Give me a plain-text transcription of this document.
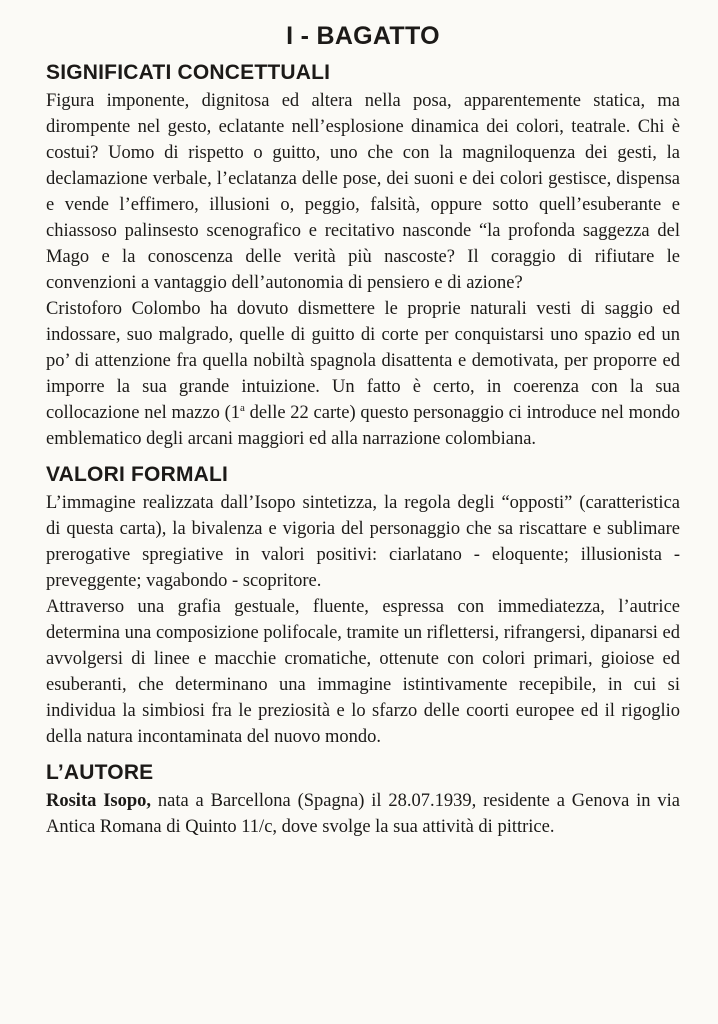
I - BAGATTO
SIGNIFICATI CONCETTUALI

Figura imponente, dignitosa ed altera nella posa, apparentemente statica, ma dirompente nel gesto, eclatante nell’esplosione dinamica dei colori, teatrale. Chi è costui? Uomo di rispetto o guitto, uno che con la magniloquenza dei gesti, la declamazione verbale, l’eclatanza delle pose, dei suoni e dei colori gestisce, dispensa e vende l’effimero, illusioni o, peggio, falsità, oppure sotto quell’esuberante e chiassoso palinsesto scenografico e recitativo nasconde “la profonda saggezza del Mago e la conoscenza delle verità più nascoste? Il coraggio di rifiutare le convenzioni a vantaggio dell’autonomia di pensiero e di azione?

Cristoforo Colombo ha dovuto dismettere le proprie naturali vesti di saggio ed indossare, suo malgrado, quelle di guitto di corte per conquistarsi uno spazio ed un po’ di attenzione fra quella nobiltà spagnola disattenta e demotivata, per proporre ed imporre la sua grande intuizione. Un fatto è certo, in coerenza con la sua collocazione nel mazzo (1$^a$ delle 22 carte) questo personaggio ci introduce nel mondo emblematico degli arcani maggiori ed alla narrazione colombiana.

VALORI FORMALI

L’immagine realizzata dall’Isopo sintetizza, la regola degli “opposti” (caratteristica di questa carta), la bivalenza e vigoria del personaggio che sa riscattare e sublimare prerogative spregiative in valori positivi: ciarlatano - eloquente; illusionista - preveggente; vagabondo - scopritore.

Attraverso una grafia gestuale, fluente, espressa con immediatezza, l’autrice determina una composizione polifocale, tramite un riflettersi, rifrangersi, dipanarsi ed avvolgersi di linee e macchie cromatiche, ottenute con colori primari, gioiose ed esuberanti, che determinano una immagine istintivamente recepibile, in cui si individua la simbiosi fra le preziosità e lo sfarzo delle coorti europee ed il rigoglio della natura incontaminata del nuovo mondo.

L’AUTORE

Rosita Isopo, nata a Barcellona (Spagna) il 28.07.1939, residente a Genova in via Antica Romana di Quinto 11/c, dove svolge la sua attività di pittrice.
